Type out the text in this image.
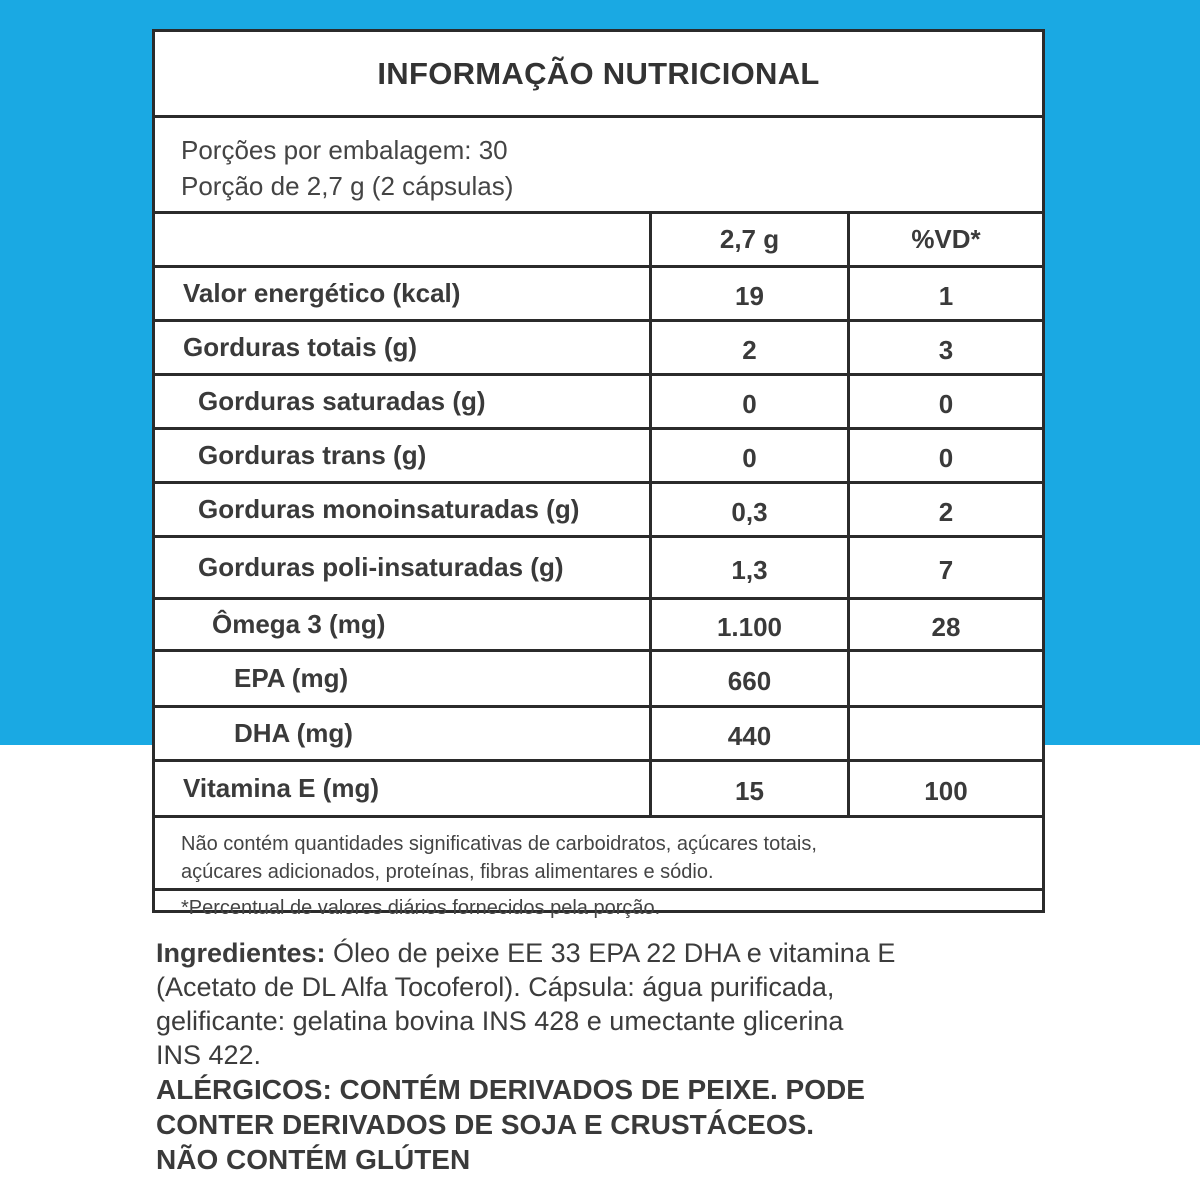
INFORMAÇÃO NUTRICIONAL
Porções por embalagem: 30
Porção de 2,7 g (2 cápsulas)
2,7 g	%VD*
Valor energético (kcal)	19	1
Gorduras totais (g)	2	3
Gorduras saturadas (g)	0	0
Gorduras trans (g)	0	0
Gorduras monoinsaturadas (g)	0,3	2
Gorduras poli-insaturadas (g)	1,3	7
Ômega 3 (mg)	1.100	28
EPA (mg)	660
DHA (mg)	440
Vitamina E (mg)	15	100
Não contém quantidades significativas de carboidratos, açúcares totais,
açúcares adicionados, proteínas, fibras alimentares e sódio.
*Percentual de valores diários fornecidos pela porção.
Ingredientes: Óleo de peixe EE 33 EPA 22 DHA e vitamina E
(Acetato de DL Alfa Tocoferol). Cápsula: água purificada,
gelificante: gelatina bovina INS 428 e umectante glicerina
INS 422.
ALÉRGICOS: CONTÉM DERIVADOS DE PEIXE. PODE
CONTER DERIVADOS DE SOJA E CRUSTÁCEOS.
NÃO CONTÉM GLÚTEN
